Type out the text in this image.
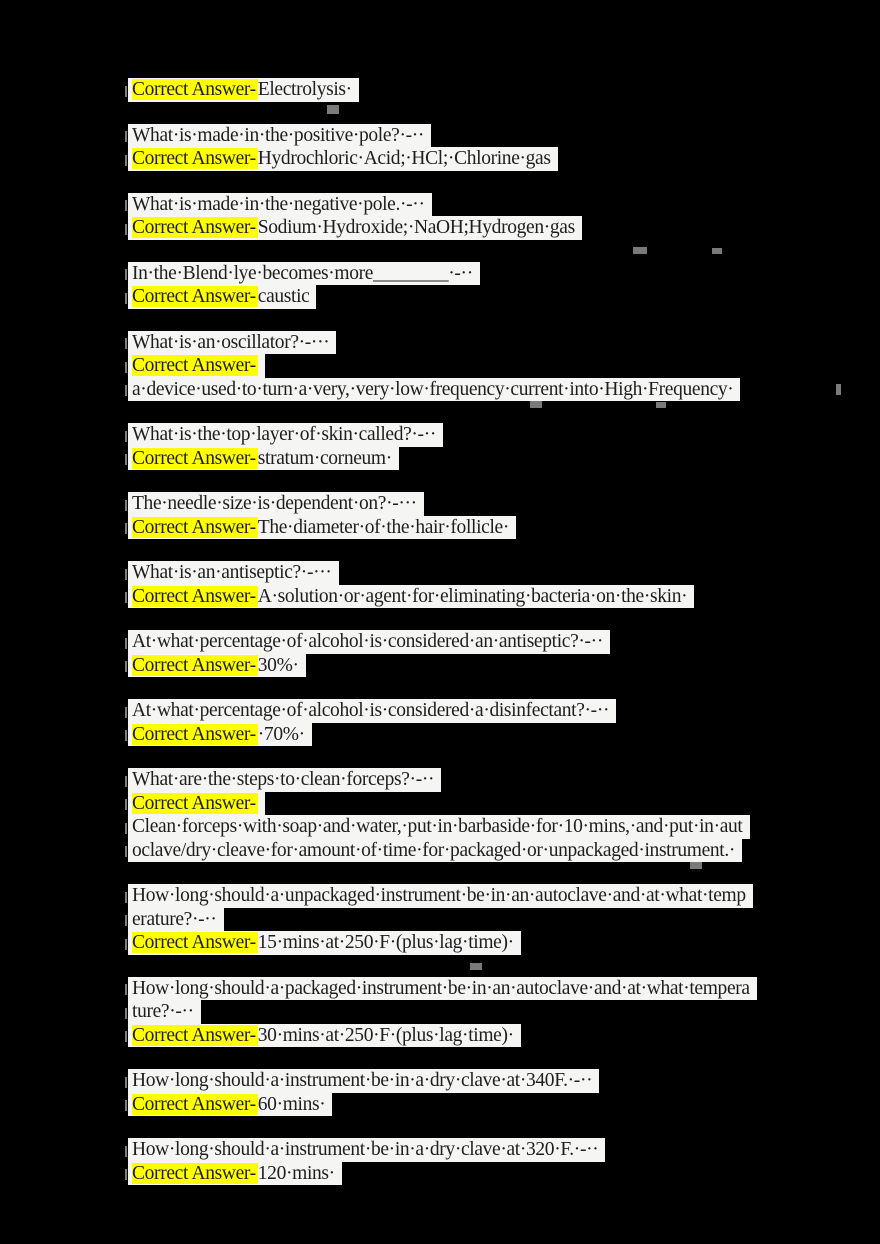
Correct Answer- Electrolysis·
What·is·made·in·the·positive·pole?·-··
Correct Answer- Hydrochloric·Acid;·HCl;·Chlorine·gas
What·is·made·in·the·negative·pole.·-··
Correct Answer- Sodium·Hydroxide;·NaOH;Hydrogen·gas
In·the·Blend·lye·becomes·more________·-··
Correct Answer- caustic
What·is·an·oscillator?·-···
Correct Answer-
a·device·used·to·turn·a·very,·very·low·frequency·current·into·High·Frequency·
What·is·the·top·layer·of·skin·called?·-··
Correct Answer- stratum·corneum·
The·needle·size·is·dependent·on?·-···
Correct Answer- The·diameter·of·the·hair·follicle·
What·is·an·antiseptic?·-···
Correct Answer- A·solution·or·agent·for·eliminating·bacteria·on·the·skin·
At·what·percentage·of·alcohol·is·considered·an·antiseptic?·-··
Correct Answer- 30%·
At·what·percentage·of·alcohol·is·considered·a·disinfectant?·-··
Correct Answer- ·70%·
What·are·the·steps·to·clean·forceps?·-··
Correct Answer-
Clean·forceps·with·soap·and·water,·put·in·barbaside·for·10·mins,·and·put·in·aut
oclave/dry·cleave·for·amount·of·time·for·packaged·or·unpackaged·instrument.·
How·long·should·a·unpackaged·instrument·be·in·an·autoclave·and·at·what·temp
erature?·-··
Correct Answer- 15·mins·at·250·F·(plus·lag·time)·
How·long·should·a·packaged·instrument·be·in·an·autoclave·and·at·what·tempera
ture?·-··
Correct Answer- 30·mins·at·250·F·(plus·lag·time)·
How·long·should·a·instrument·be·in·a·dry·clave·at·340F.·-··
Correct Answer- 60·mins·
How·long·should·a·instrument·be·in·a·dry·clave·at·320·F.·-··
Correct Answer- 120·mins·
